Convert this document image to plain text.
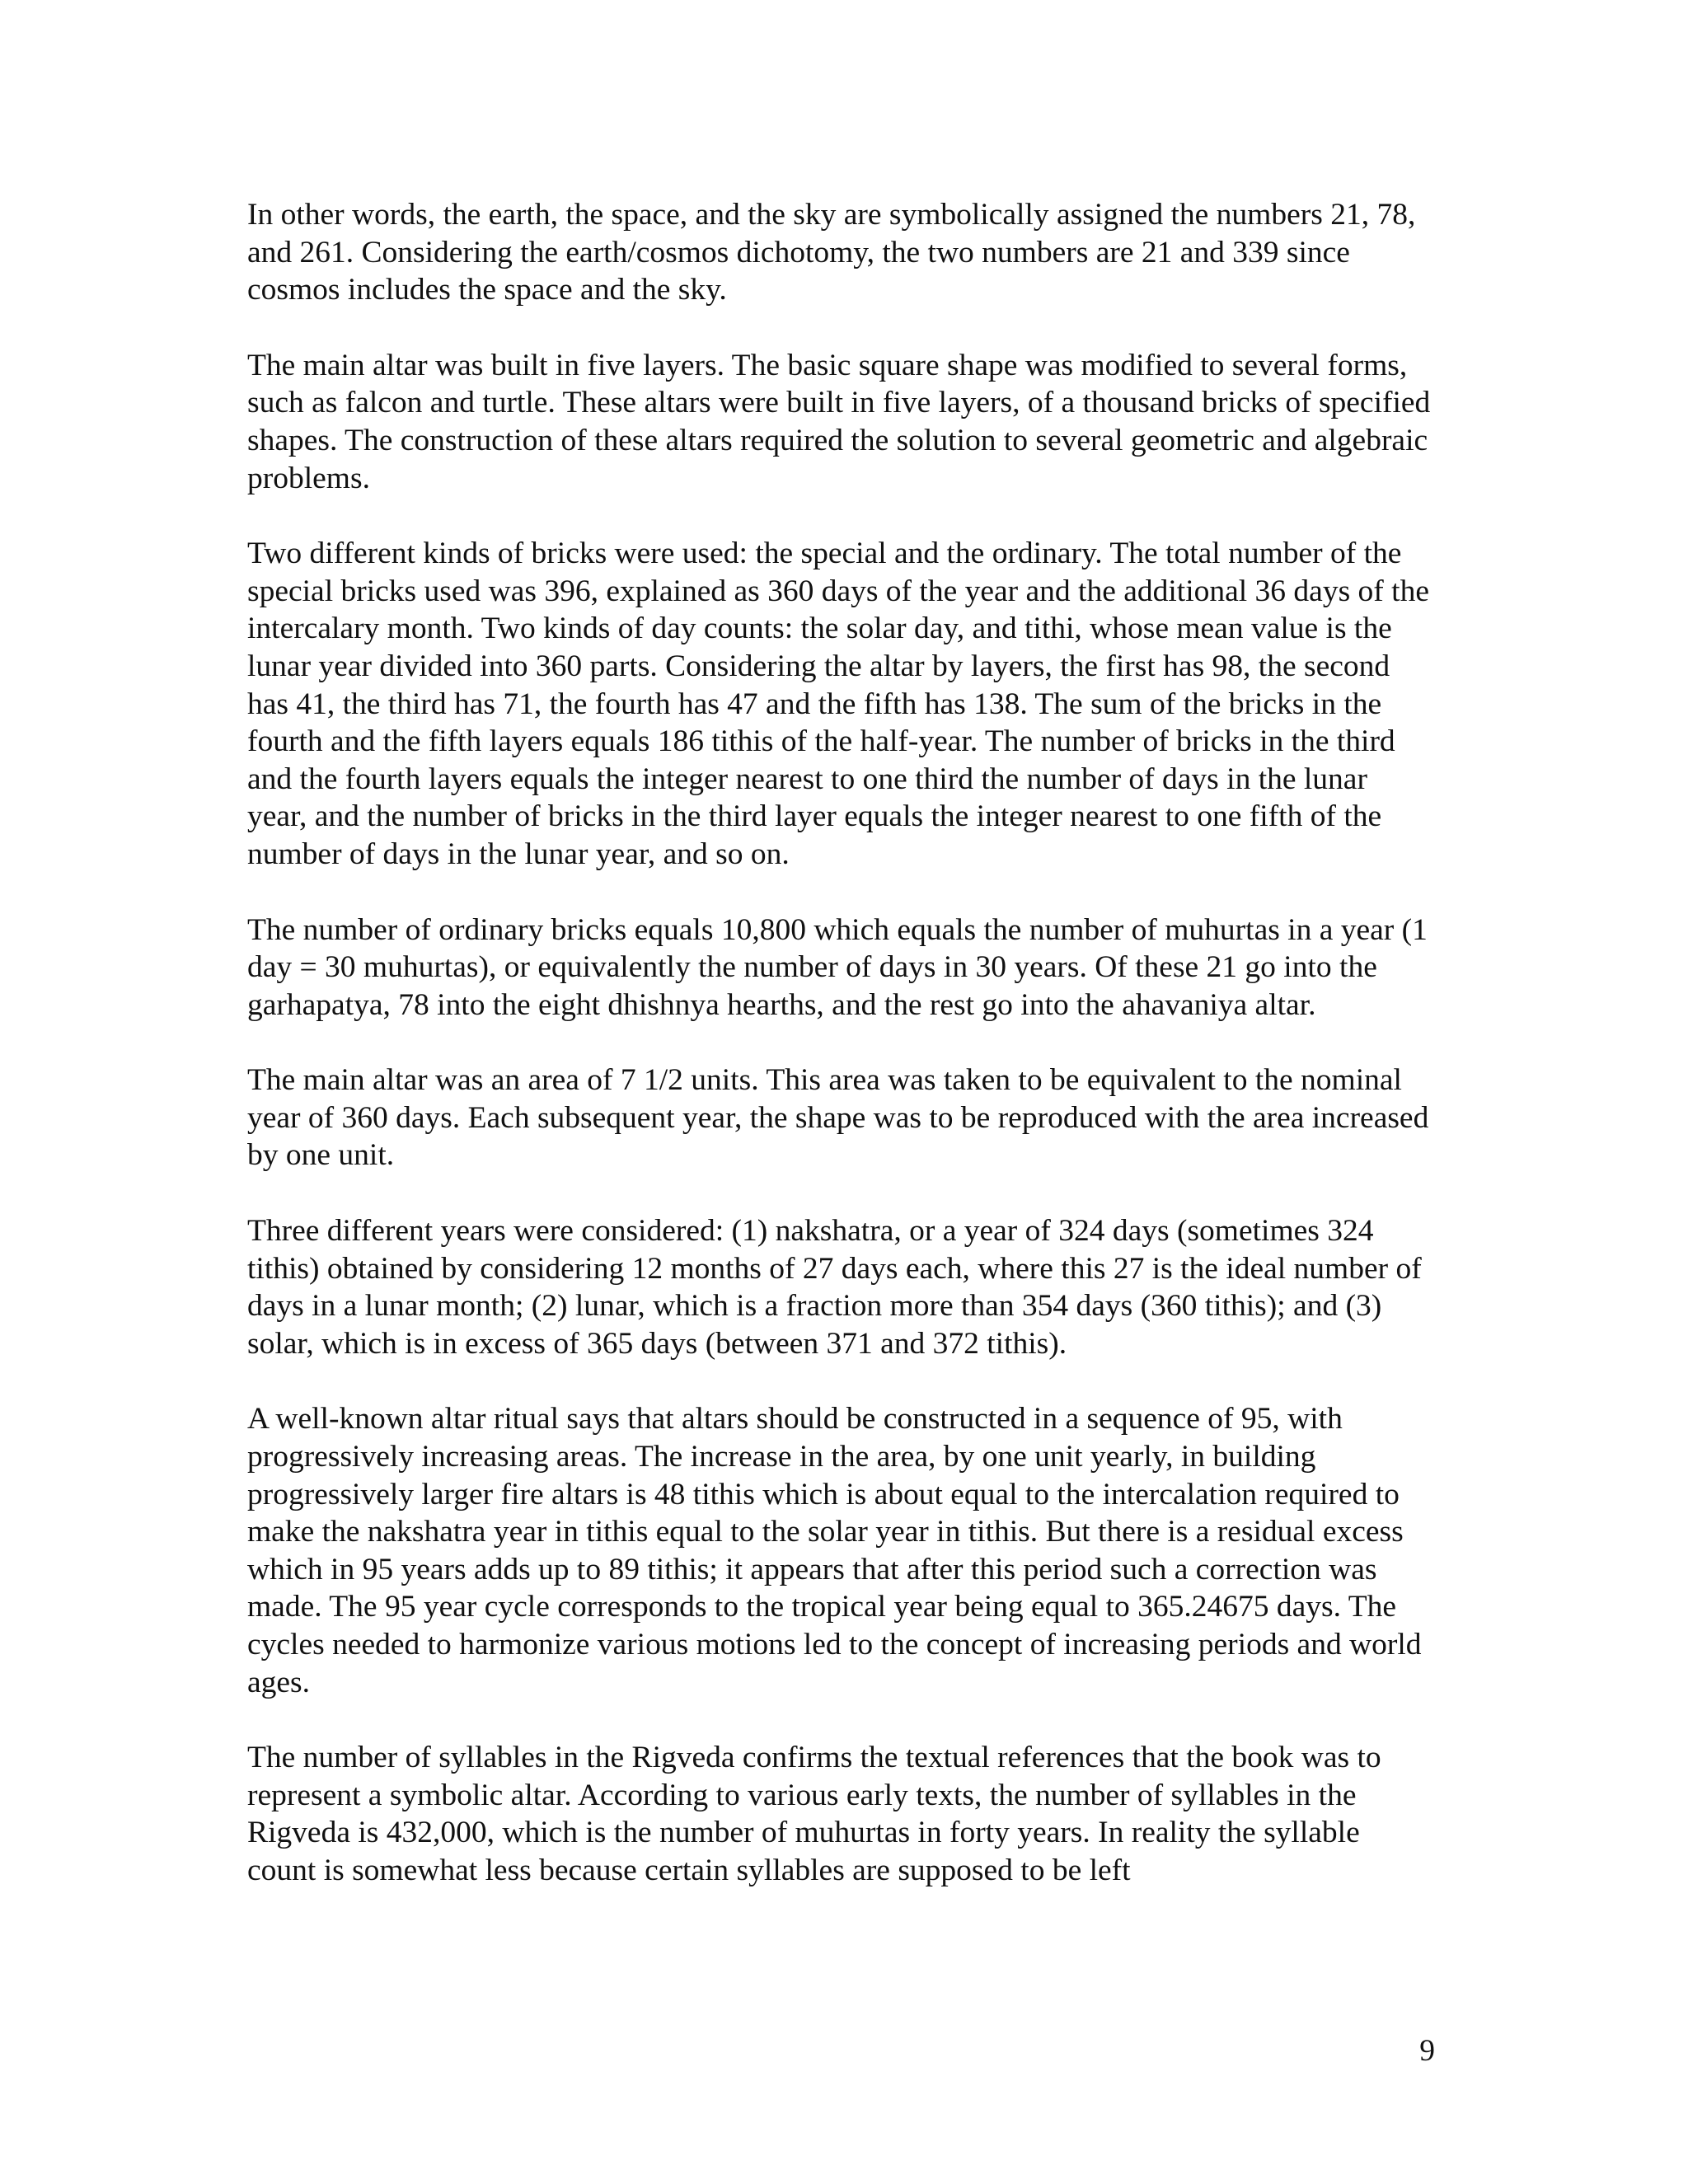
In other words, the earth, the space, and the sky are symbolically assigned the numbers 21, 78, and 261. Considering the earth/cosmos dichotomy, the two numbers are 21 and 339 since cosmos includes the space and the sky.

The main altar was built in five layers. The basic square shape was modified to several forms, such as falcon and turtle. These altars were built in five layers, of a thousand bricks of specified shapes. The construction of these altars required the solution to several geometric and algebraic problems.

Two different kinds of bricks were used: the special and the ordinary. The total number of the special bricks used was 396, explained as 360 days of the year and the additional 36 days of the intercalary month. Two kinds of day counts: the solar day, and tithi, whose mean value is the lunar year divided into 360 parts. Considering the altar by layers, the first has 98, the second has 41, the third has 71, the fourth has 47 and the fifth has 138. The sum of the bricks in the fourth and the fifth layers equals 186 tithis of the half-year. The number of bricks in the third and the fourth layers equals the integer nearest to one third the number of days in the lunar year, and the number of bricks in the third layer equals the integer nearest to one fifth of the number of days in the lunar year, and so on.

The number of ordinary bricks equals 10,800 which equals the number of muhurtas in a year (1 day = 30 muhurtas), or equivalently the number of days in 30 years. Of these 21 go into the garhapatya, 78 into the eight dhishnya hearths, and the rest go into the ahavaniya altar.

The main altar was an area of 7 1/2 units. This area was taken to be equivalent to the nominal year of 360 days. Each subsequent year, the shape was to be reproduced with the area increased by one unit.

Three different years were considered: (1) nakshatra, or a year of 324 days (sometimes 324 tithis) obtained by considering 12 months of 27 days each, where this 27 is the ideal number of days in a lunar month; (2) lunar, which is a fraction more than 354 days (360 tithis); and (3) solar, which is in excess of 365 days (between 371 and 372 tithis).

A well-known altar ritual says that altars should be constructed in a sequence of 95, with progressively increasing areas. The increase in the area, by one unit yearly, in building progressively larger fire altars is 48 tithis which is about equal to the intercalation required to make the nakshatra year in tithis equal to the solar year in tithis. But there is a residual excess which in 95 years adds up to 89 tithis; it appears that after this period such a correction was made. The 95 year cycle corresponds to the tropical year being equal to 365.24675 days. The cycles needed to harmonize various motions led to the concept of increasing periods and world ages.

The number of syllables in the Rigveda confirms the textual references that the book was to represent a symbolic altar. According to various early texts, the number of syllables in the Rigveda is 432,000, which is the number of muhurtas in forty years. In reality the syllable count is somewhat less because certain syllables are supposed to be left

9
